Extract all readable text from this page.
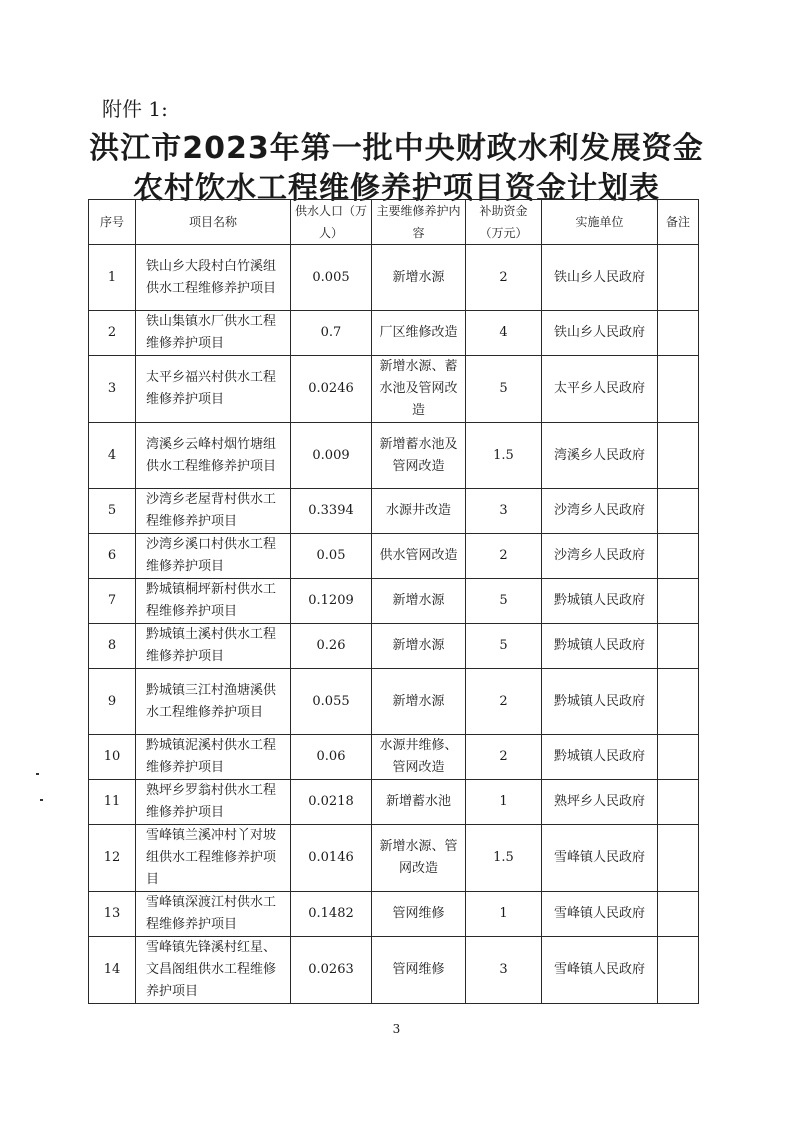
附件 1:
洪江市2023年第一批中央财政水利发展资金
农村饮水工程维修养护项目资金计划表
序号	项目名称	供水人口（万人）	主要维修养护内容	补助资金（万元）	实施单位	备注
1	铁山乡大段村白竹溪组供水工程维修养护项目	0.005	新增水源	2	铁山乡人民政府	
2	铁山集镇水厂供水工程维修养护项目	0.7	厂区维修改造	4	铁山乡人民政府	
3	太平乡福兴村供水工程维修养护项目	0.0246	新增水源、蓄水池及管网改造	5	太平乡人民政府	
4	湾溪乡云峰村烟竹塘组供水工程维修养护项目	0.009	新增蓄水池及管网改造	1.5	湾溪乡人民政府	
5	沙湾乡老屋背村供水工程维修养护项目	0.3394	水源井改造	3	沙湾乡人民政府	
6	沙湾乡溪口村供水工程维修养护项目	0.05	供水管网改造	2	沙湾乡人民政府	
7	黔城镇桐坪新村供水工程维修养护项目	0.1209	新增水源	5	黔城镇人民政府	
8	黔城镇土溪村供水工程维修养护项目	0.26	新增水源	5	黔城镇人民政府	
9	黔城镇三江村渔塘溪供水工程维修养护项目	0.055	新增水源	2	黔城镇人民政府	
10	黔城镇泥溪村供水工程维修养护项目	0.06	水源井维修、管网改造	2	黔城镇人民政府	
11	熟坪乡罗翁村供水工程维修养护项目	0.0218	新增蓄水池	1	熟坪乡人民政府	
12	雪峰镇兰溪冲村丫对坡组供水工程维修养护项目	0.0146	新增水源、管网改造	1.5	雪峰镇人民政府	
13	雪峰镇深渡江村供水工程维修养护项目	0.1482	管网维修	1	雪峰镇人民政府	
14	雪峰镇先锋溪村红星、文昌阁组供水工程维修养护项目	0.0263	管网维修	3	雪峰镇人民政府	
3
